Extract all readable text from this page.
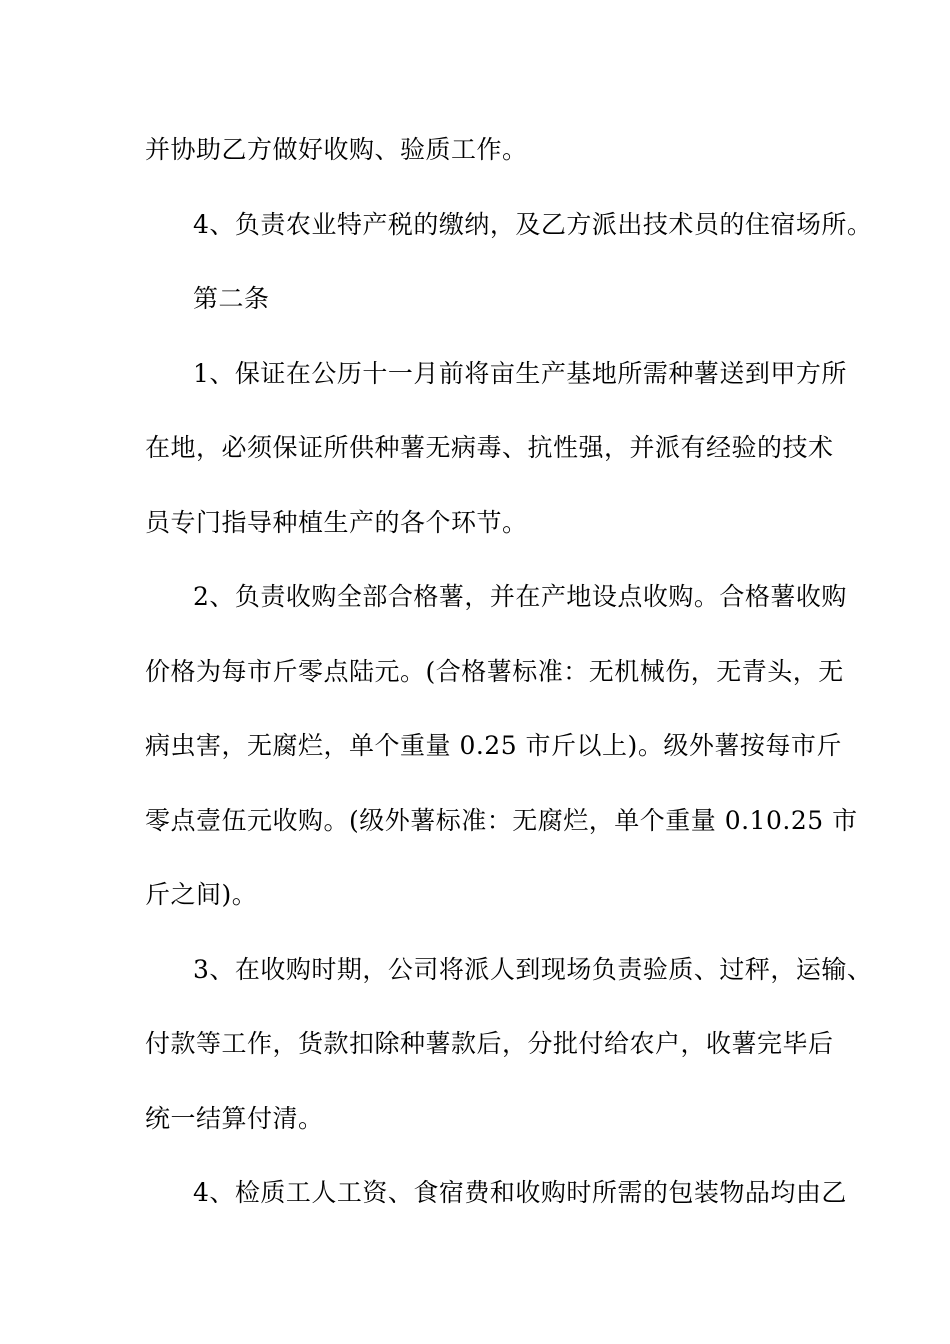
并协助乙方做好收购、验质工作。
4、负责农业特产税的缴纳，及乙方派出技术员的住宿场所。
第二条
1、保证在公历十一月前将亩生产基地所需种薯送到甲方所
在地，必须保证所供种薯无病毒、抗性强，并派有经验的技术
员专门指导种植生产的各个环节。
2、负责收购全部合格薯，并在产地设点收购。合格薯收购
价格为每市斤零点陆元。(合格薯标准：无机械伤，无青头，无
病虫害，无腐烂，单个重量 0.25 市斤以上)。级外薯按每市斤
零点壹伍元收购。(级外薯标准：无腐烂，单个重量 0.10.25 市
斤之间)。
3、在收购时期，公司将派人到现场负责验质、过秤，运输、
付款等工作，货款扣除种薯款后，分批付给农户，收薯完毕后
统一结算付清。
4、检质工人工资、食宿费和收购时所需的包装物品均由乙
